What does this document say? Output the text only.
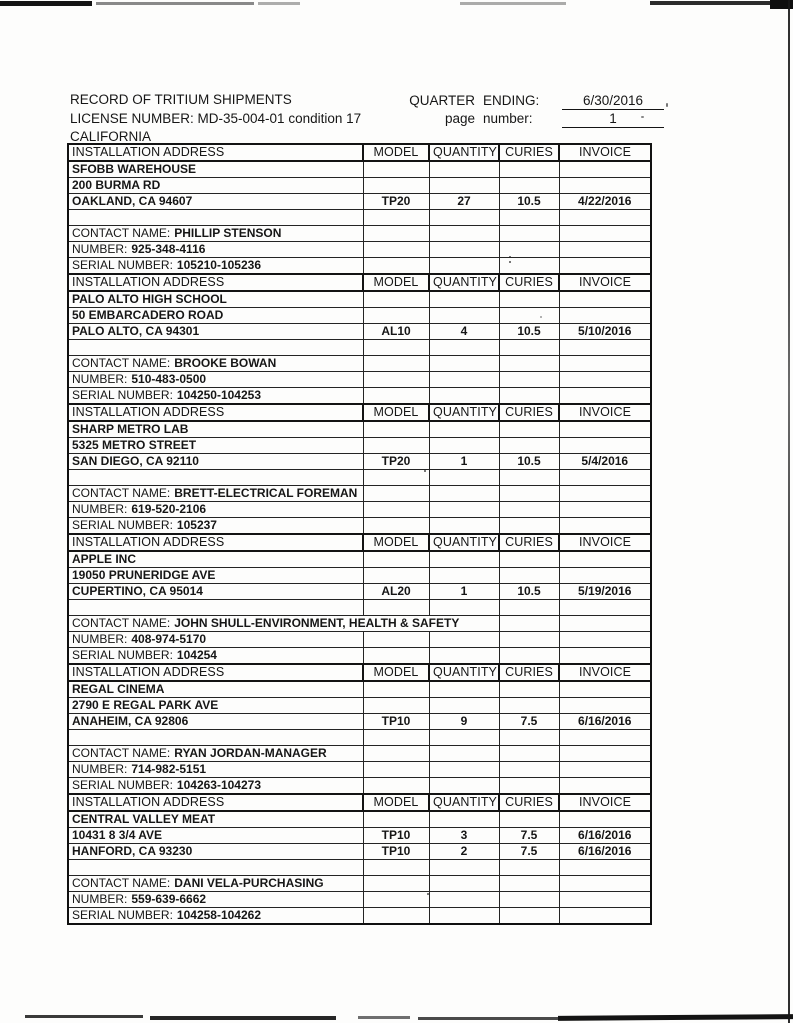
RECORD OF TRITIUM SHIPMENTS
LICENSE NUMBER: MD-35-004-01 condition 17
CALIFORNIA
QUARTER ENDING:	6/30/2016
page number:	1
INSTALLATION ADDRESS	MODEL	QUANTITY	CURIES	INVOICE
SFOBB WAREHOUSE				
200 BURMA RD				
OAKLAND, CA 94607	TP20	27	10.5	4/22/2016

CONTACT NAME: PHILLIP STENSON				
NUMBER: 925-348-4116				
SERIAL NUMBER: 105210-105236				
INSTALLATION ADDRESS	MODEL	QUANTITY	CURIES	INVOICE
PALO ALTO HIGH SCHOOL				
50 EMBARCADERO ROAD				
PALO ALTO, CA 94301	AL10	4	10.5	5/10/2016

CONTACT NAME: BROOKE BOWAN				
NUMBER: 510-483-0500				
SERIAL NUMBER: 104250-104253				
INSTALLATION ADDRESS	MODEL	QUANTITY	CURIES	INVOICE
SHARP METRO LAB				
5325 METRO STREET				
SAN DIEGO, CA 92110	TP20	1	10.5	5/4/2016

CONTACT NAME: BRETT-ELECTRICAL FOREMAN				
NUMBER: 619-520-2106				
SERIAL NUMBER: 105237				
INSTALLATION ADDRESS	MODEL	QUANTITY	CURIES	INVOICE
APPLE INC				
19050 PRUNERIDGE AVE				
CUPERTINO, CA 95014	AL20	1	10.5	5/19/2016

CONTACT NAME: JOHN SHULL-ENVIRONMENT, HEALTH & SAFETY				
NUMBER: 408-974-5170				
SERIAL NUMBER: 104254				
INSTALLATION ADDRESS	MODEL	QUANTITY	CURIES	INVOICE
REGAL CINEMA				
2790 E REGAL PARK AVE				
ANAHEIM, CA 92806	TP10	9	7.5	6/16/2016

CONTACT NAME: RYAN JORDAN-MANAGER				
NUMBER: 714-982-5151				
SERIAL NUMBER: 104263-104273				
INSTALLATION ADDRESS	MODEL	QUANTITY	CURIES	INVOICE
CENTRAL VALLEY MEAT				
10431 8 3/4 AVE	TP10	3	7.5	6/16/2016
HANFORD, CA 93230	TP10	2	7.5	6/16/2016

CONTACT NAME: DANI VELA-PURCHASING				
NUMBER: 559-639-6662				
SERIAL NUMBER: 104258-104262				
